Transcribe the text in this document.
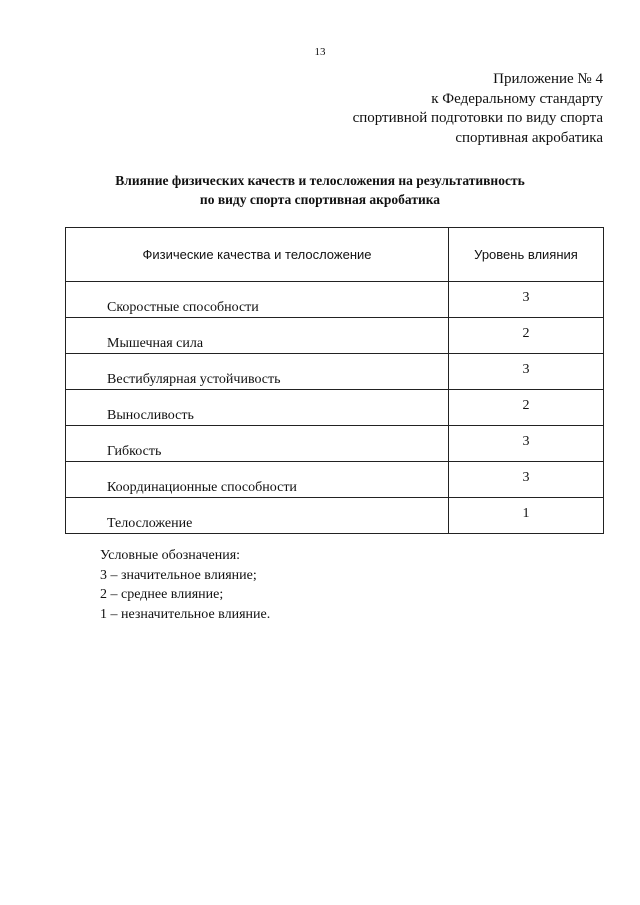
13
Приложение № 4
к Федеральному стандарту
спортивной подготовки по виду спорта
спортивная акробатика
Влияние физических качеств и телосложения на результативность
по виду спорта спортивная акробатика
Физические качества и телосложение	Уровень влияния

Скоростные способности	3

Мышечная сила	2

Вестибулярная устойчивость	3

Выносливость	2

Гибкость	3

Координационные способности	3

Телосложение	1
Условные обозначения:
3 – значительное влияние;
2 – среднее влияние;
1 – незначительное влияние.
